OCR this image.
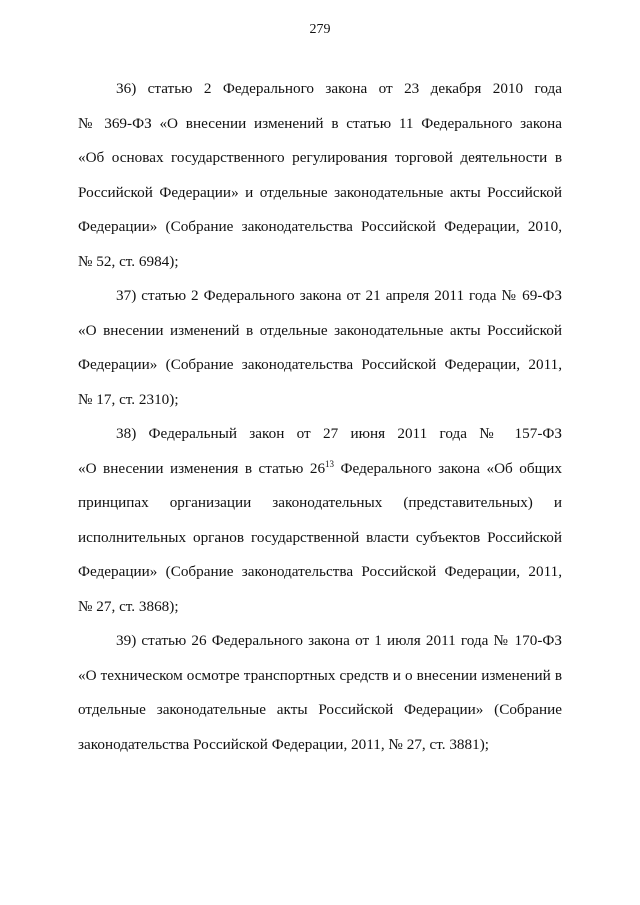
279

36) статью 2 Федерального закона от 23 декабря 2010 года
№ 369-ФЗ «О внесении изменений в статью 11 Федерального закона
«Об основах государственного регулирования торговой деятельности в
Российской Федерации» и отдельные законодательные акты Российской
Федерации» (Собрание законодательства Российской Федерации, 2010,
№ 52, ст. 6984);

37) статью 2 Федерального закона от 21 апреля 2011 года № 69-ФЗ
«О внесении изменений в отдельные законодательные акты Российской
Федерации» (Собрание законодательства Российской Федерации, 2011,
№ 17, ст. 2310);

38) Федеральный закон от 27 июня 2011 года № 157-ФЗ
«О внесении изменения в статью $26^{13}$ Федерального закона «Об общих
принципах организации законодательных (представительных) и
исполнительных органов государственной власти субъектов Российской
Федерации» (Собрание законодательства Российской Федерации, 2011,
№ 27, ст. 3868);

39) статью 26 Федерального закона от 1 июля 2011 года № 170-ФЗ
«О техническом осмотре транспортных средств и о внесении изменений в
отдельные законодательные акты Российской Федерации» (Собрание
законодательства Российской Федерации, 2011, № 27, ст. 3881);
